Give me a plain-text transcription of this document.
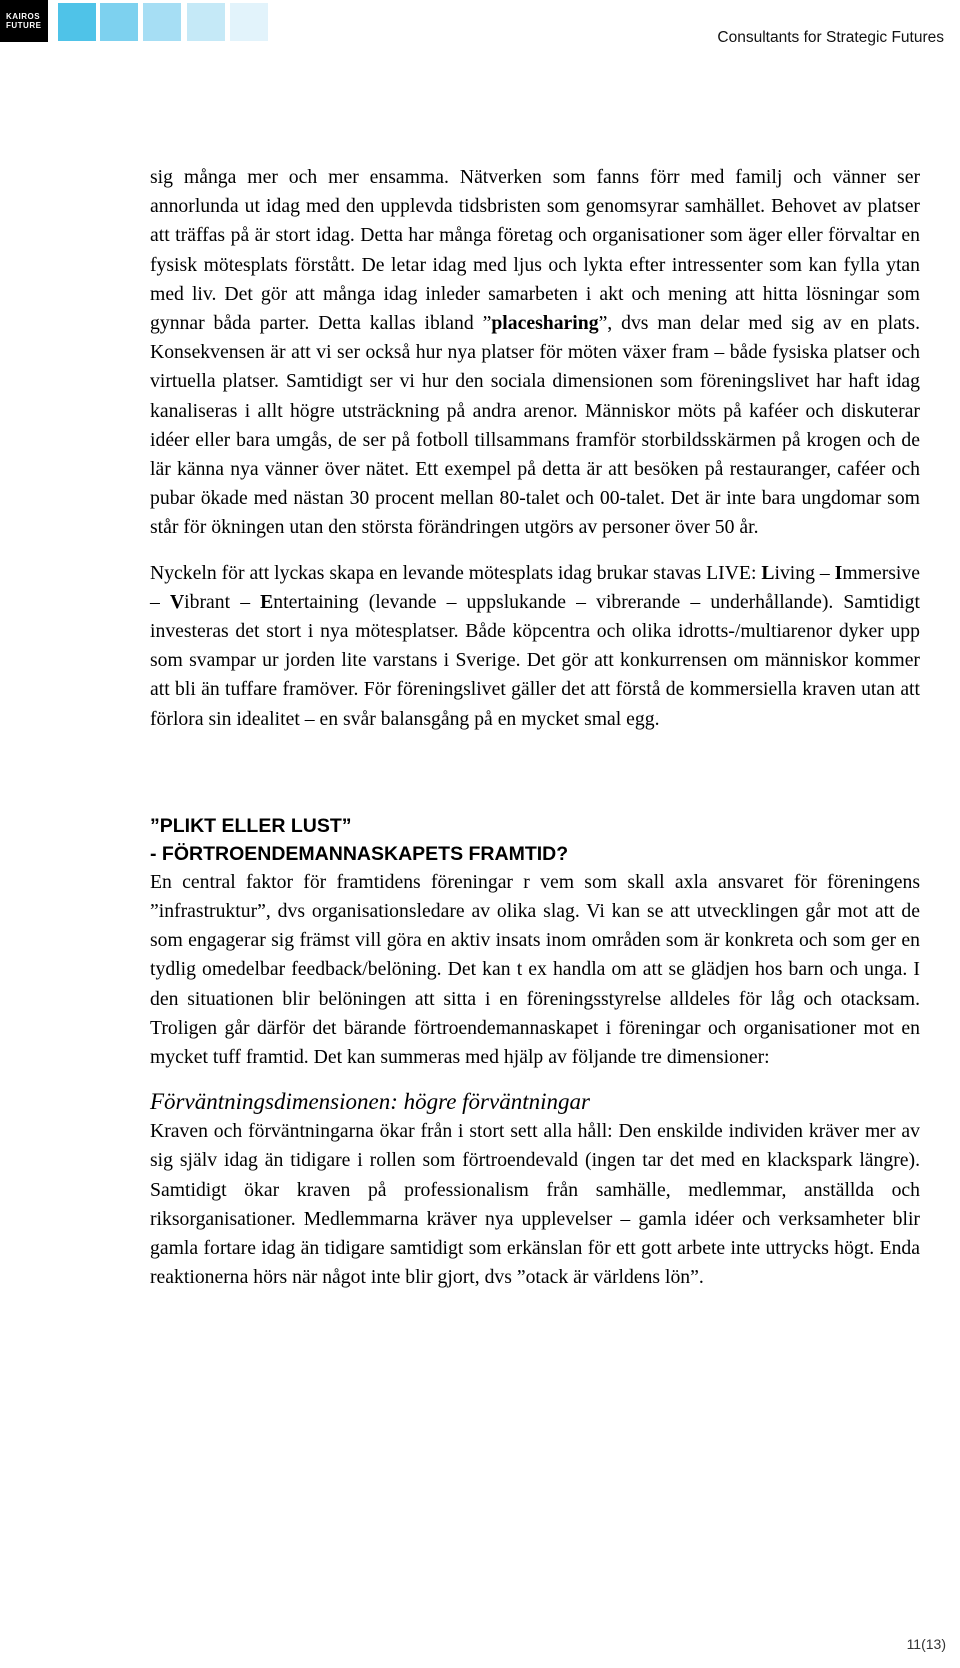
KAIROS
FUTURE
Consultants for Strategic Futures

sig många mer och mer ensamma. Nätverken som fanns förr med familj och vänner ser annorlunda ut idag med den upplevda tidsbristen som genomsyrar samhället. Behovet av platser att träffas på är stort idag. Detta har många företag och organisationer som äger eller förvaltar en fysisk mötesplats förstått. De letar idag med ljus och lykta efter intressenter som kan fylla ytan med liv. Det gör att många idag inleder samarbeten i akt och mening att hitta lösningar som gynnar båda parter. Detta kallas ibland ”placesharing”, dvs man delar med sig av en plats. Konsekvensen är att vi ser också hur nya platser för möten växer fram – både fysiska platser och virtuella platser. Samtidigt ser vi hur den sociala dimensionen som föreningslivet har haft idag kanaliseras i allt högre utsträckning på andra arenor. Människor möts på kaféer och diskuterar idéer eller bara umgås, de ser på fotboll tillsammans framför storbildsskärmen på krogen och de lär känna nya vänner över nätet. Ett exempel på detta är att besöken på restauranger, caféer och pubar ökade med nästan 30 procent mellan 80-talet och 00-talet. Det är inte bara ungdomar som står för ökningen utan den största förändringen utgörs av personer över 50 år.

Nyckeln för att lyckas skapa en levande mötesplats idag brukar stavas LIVE: Living – Immersive – Vibrant – Entertaining (levande – uppslukande – vibrerande – underhållande). Samtidigt investeras det stort i nya mötesplatser. Både köpcentra och olika idrotts-/multiarenor dyker upp som svampar ur jorden lite varstans i Sverige. Det gör att konkurrensen om människor kommer att bli än tuffare framöver. För föreningslivet gäller det att förstå de kommersiella kraven utan att förlora sin idealitet – en svår balansgång på en mycket smal egg.

”PLIKT ELLER LUST”

- FÖRTROENDEMANNASKAPETS FRAMTID?

En central faktor för framtidens föreningar r vem som skall axla ansvaret för föreningens ”infrastruktur”, dvs organisationsledare av olika slag. Vi kan se att utvecklingen går mot att de som engagerar sig främst vill göra en aktiv insats inom områden som är konkreta och som ger en tydlig omedelbar feedback/belöning. Det kan t ex handla om att se glädjen hos barn och unga. I den situationen blir belöningen att sitta i en föreningsstyrelse alldeles för låg och otacksam. Troligen går därför det bärande förtroendemannaskapet i föreningar och organisationer mot en mycket tuff framtid. Det kan summeras med hjälp av följande tre dimensioner:

Förväntningsdimensionen: högre förväntningar

Kraven och förväntningarna ökar från i stort sett alla håll: Den enskilde individen kräver mer av sig själv idag än tidigare i rollen som förtroendevald (ingen tar det med en klackspark längre). Samtidigt ökar kraven på professionalism från samhälle, medlemmar, anställda och riksorganisationer. Medlemmarna kräver nya upplevelser – gamla idéer och verksamheter blir gamla fortare idag än tidigare samtidigt som erkänslan för ett gott arbete inte uttrycks högt. Enda reaktionerna hörs när något inte blir gjort, dvs ”otack är världens lön”.

11(13)
